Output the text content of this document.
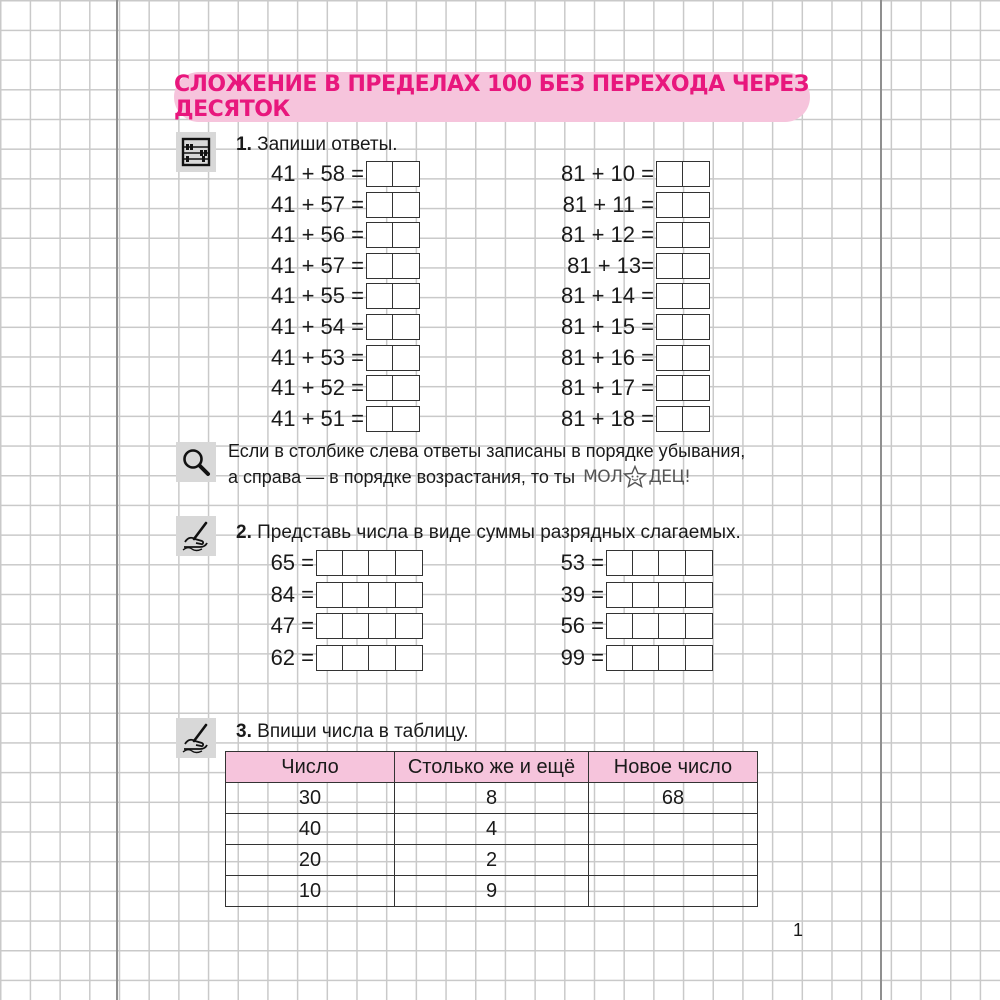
СЛОЖЕНИЕ В ПРЕДЕЛАХ 100 БЕЗ ПЕРЕХОДА ЧЕРЕЗ ДЕСЯТОК
1. Запиши ответы.
41 + 58 =
41 + 57 =
41 + 56 =
41 + 57 =
41 + 55 =
41 + 54 =
41 + 53 =
41 + 52 =
41 + 51 =
81 + 10 =
81 + 11 =
81 + 12 =
81 + 13=
81 + 14 =
81 + 15 =
81 + 16 =
81 + 17 =
81 + 18 =
Если в столбике слева ответы записаны в порядке убывания,
а справа — в порядке возрастания, то ты МОЛ ДЕЦ!
2. Представь числа в виде суммы разрядных слагаемых.
65 =
84 =
47 =
62 =
53 =
39 =
56 =
99 =
3. Впиши числа в таблицу.
Число	Столько же и ещё	Новое число
30	8	68
40	4	
20	2	
10	9	
1
